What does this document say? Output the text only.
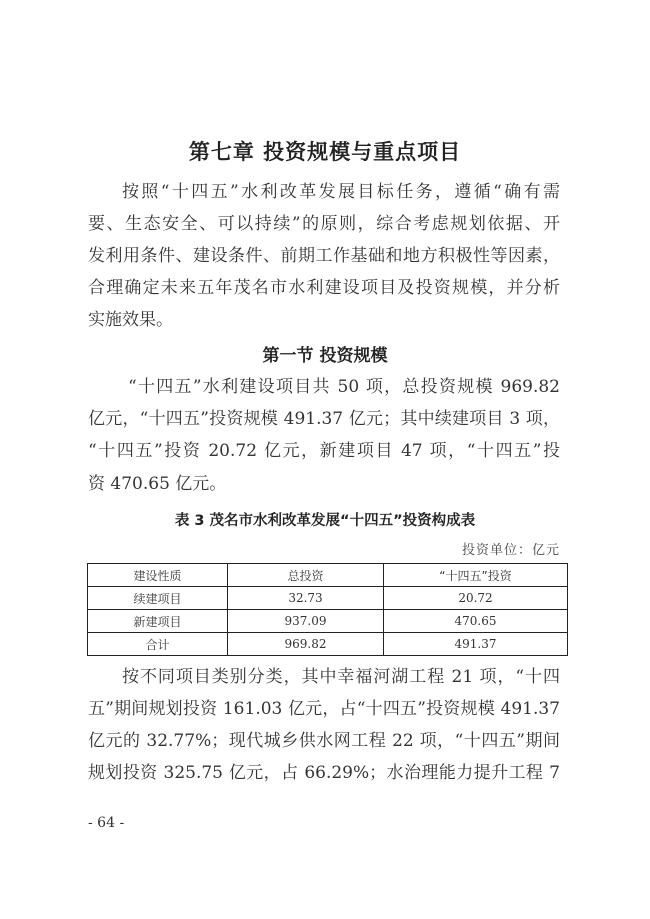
第七章 投资规模与重点项目
按照“十四五”水利改革发展目标任务，遵循“确有需
要、生态安全、可以持续”的原则，综合考虑规划依据、开
发利用条件、建设条件、前期工作基础和地方积极性等因素，
合理确定未来五年茂名市水利建设项目及投资规模，并分析
实施效果。
第一节 投资规模
“十四五”水利建设项目共 50 项，总投资规模 969.82
亿元，“十四五”投资规模 491.37 亿元；其中续建项目 3 项，
“十四五”投资 20.72 亿元，新建项目 47 项，“十四五”投
资 470.65 亿元。
表 3 茂名市水利改革发展“十四五”投资构成表
投资单位：亿元
建设性质	总投资	“十四五”投资
续建项目	32.73	20.72
新建项目	937.09	470.65
合计	969.82	491.37
按不同项目类别分类，其中幸福河湖工程 21 项，“十四
五”期间规划投资 161.03 亿元，占“十四五”投资规模 491.37
亿元的 32.77%；现代城乡供水网工程 22 项，“十四五”期间
规划投资 325.75 亿元，占 66.29%；水治理能力提升工程 7
- 64 -
